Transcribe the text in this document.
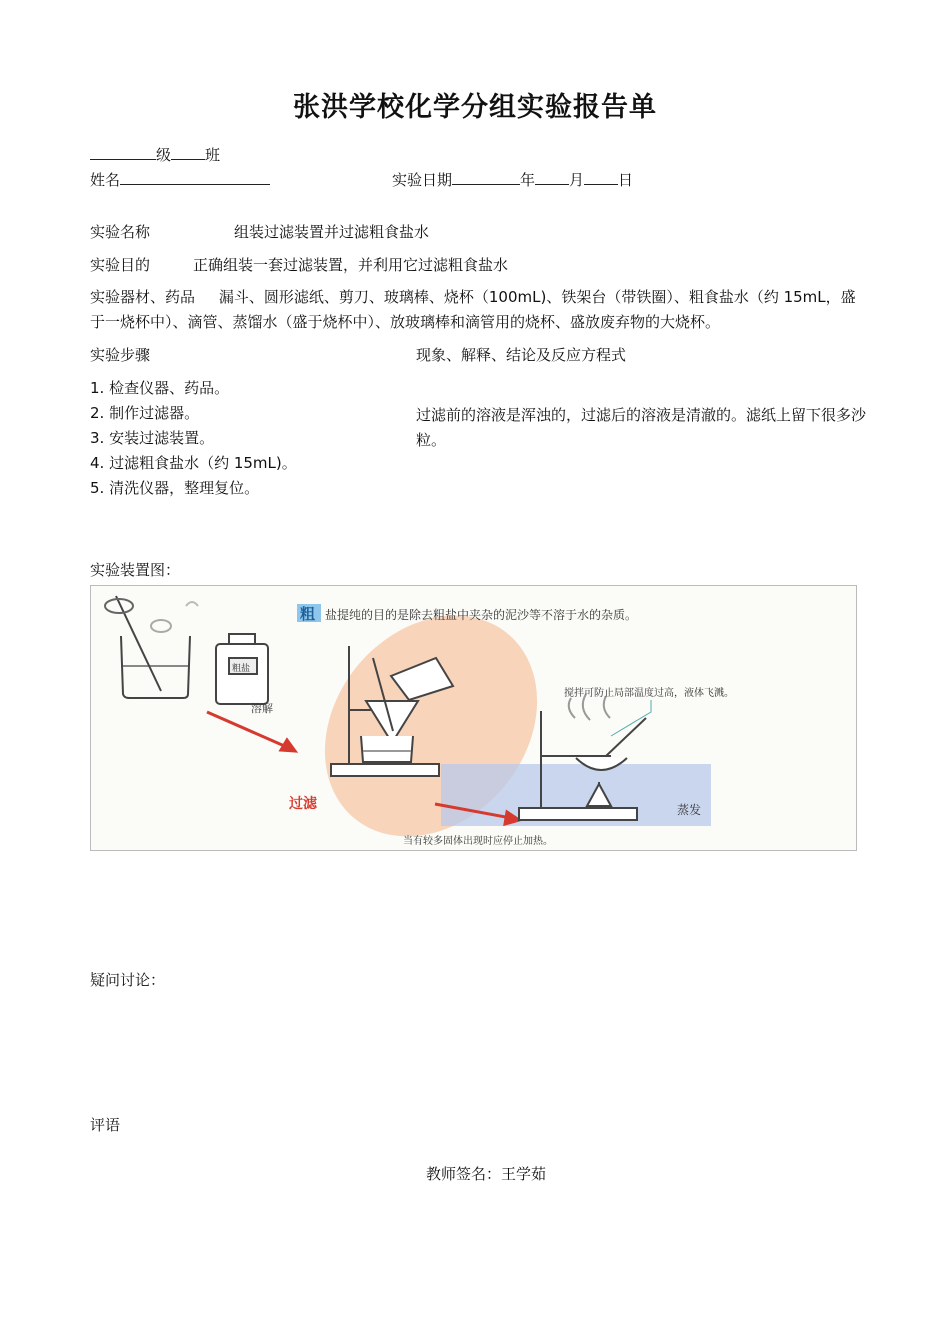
张洪学校化学分组实验报告单
级 班
姓名	实验日期	年 月 日
实验名称	组装过滤装置并过滤粗食盐水
实验目的	正确组装一套过滤装置，并利用它过滤粗食盐水
实验器材、药品 漏斗、圆形滤纸、剪刀、玻璃棒、烧杯（100mL)、铁架台（带铁圈）、粗食盐水（约 15mL，盛于一烧杯中）、滴管、蒸馏水（盛于烧杯中）、放玻璃棒和滴管用的烧杯、盛放废弃物的大烧杯。
实验步骤	现象、解释、结论及反应方程式
1. 检查仪器、药品。
2. 制作过滤器。
3. 安装过滤装置。
4. 过滤粗食盐水（约 15mL)。
5. 清洗仪器，整理复位。
过滤前的溶液是浑浊的，过滤后的溶液是清澈的。滤纸上留下很多沙粒。
实验装置图：
粗 盐提纯的目的是除去粗盐中夹杂的泥沙等不溶于水的杂质。
粗盐
溶解
过滤
搅拌可防止局部温度过高，液体飞溅。
蒸发
当有较多固体出现时应停止加热。
疑问讨论：
评语
教师签名：王学茹
